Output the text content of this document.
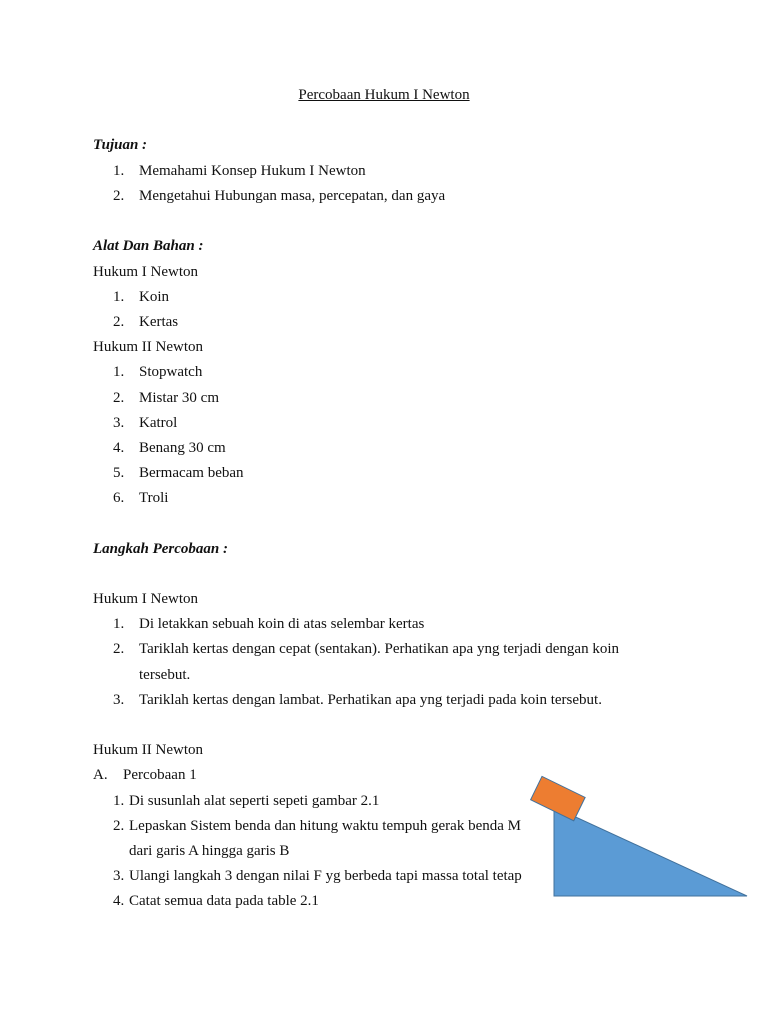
Percobaan Hukum I Newton
Tujuan :
1. Memahami Konsep Hukum I Newton
2. Mengetahui Hubungan masa, percepatan, dan gaya
Alat Dan Bahan :
Hukum I Newton
1. Koin
2. Kertas
Hukum II Newton
1. Stopwatch
2. Mistar 30 cm
3. Katrol
4. Benang 30 cm
5. Bermacam beban
6. Troli
Langkah Percobaan :
Hukum I Newton
1. Di letakkan sebuah koin di atas selembar kertas
2. Tariklah kertas dengan cepat (sentakan). Perhatikan apa yng terjadi dengan koin
tersebut.
3. Tariklah kertas dengan lambat. Perhatikan apa yng terjadi pada koin tersebut.
Hukum II Newton
A. Percobaan 1
1. Di susunlah alat seperti sepeti gambar 2.1
2. Lepaskan Sistem benda dan hitung waktu tempuh gerak benda M
dari garis A hingga garis B
3. Ulangi langkah 3 dengan nilai F yg berbeda tapi massa total tetap
4. Catat semua data pada table 2.1
